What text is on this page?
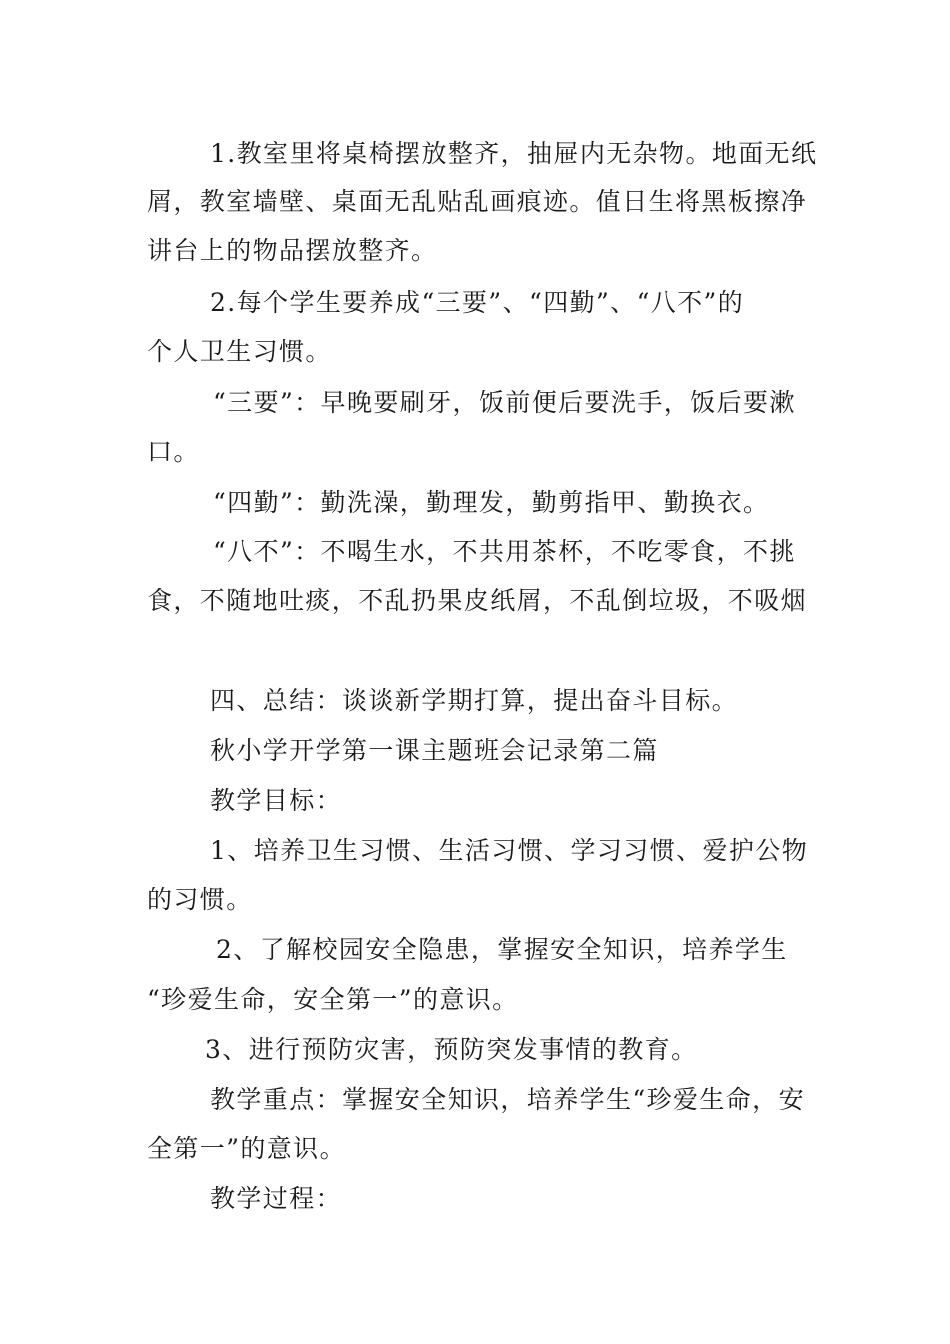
1.教室里将桌椅摆放整齐，抽屉内无杂物。地面无纸
屑，教室墙壁、桌面无乱贴乱画痕迹。值日生将黑板擦净
讲台上的物品摆放整齐。
2.每个学生要养成“三要”、“四勤”、“八不”的
个人卫生习惯。
“三要”：早晚要刷牙，饭前便后要洗手，饭后要漱
口。
“四勤”：勤洗澡，勤理发，勤剪指甲、勤换衣。
“八不”：不喝生水，不共用茶杯，不吃零食，不挑
食，不随地吐痰，不乱扔果皮纸屑，不乱倒垃圾，不吸烟
四、总结：谈谈新学期打算，提出奋斗目标。
秋小学开学第一课主题班会记录第二篇
教学目标：
1、培养卫生习惯、生活习惯、学习习惯、爱护公物
的习惯。
2、了解校园安全隐患，掌握安全知识，培养学生
“珍爱生命，安全第一”的意识。
3、进行预防灾害，预防突发事情的教育。
教学重点：掌握安全知识，培养学生“珍爱生命，安
全第一”的意识。
教学过程：
